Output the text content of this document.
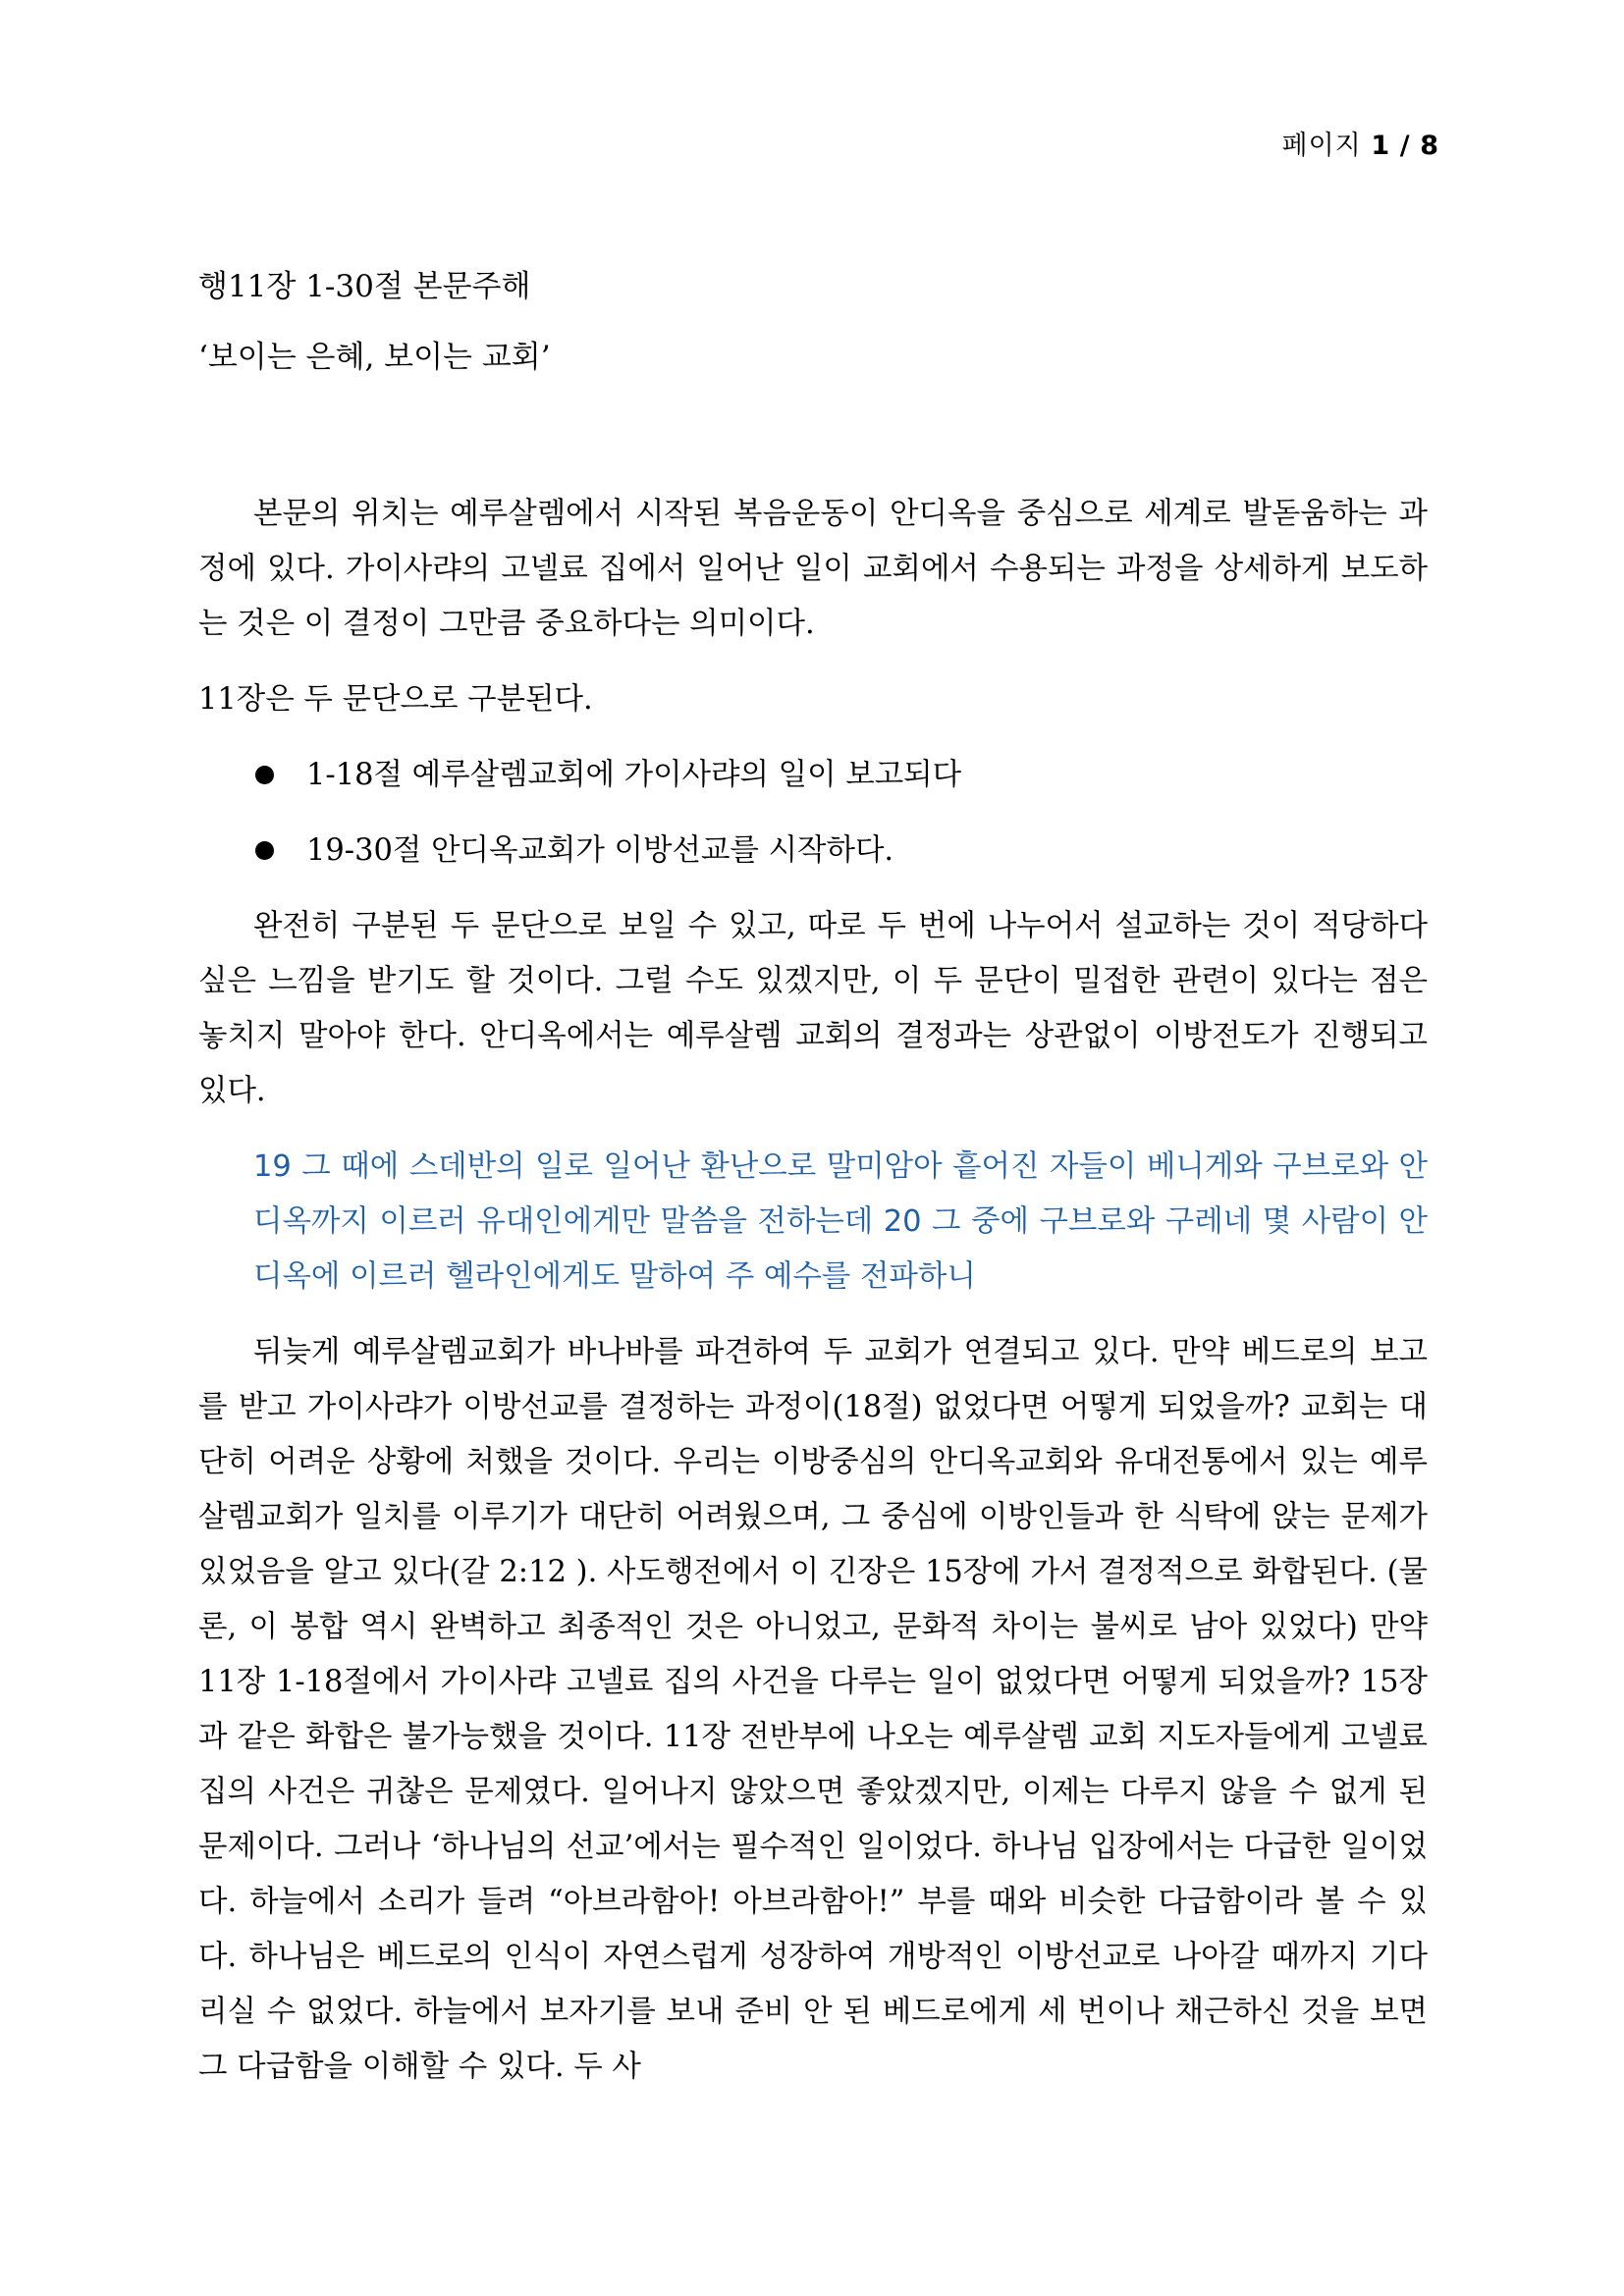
페이지 1 / 8
행11장 1-30절 본문주해
‘보이는 은혜, 보이는 교회’

본문의 위치는 예루살렘에서 시작된 복음운동이 안디옥을 중심으로 세계로 발돋움하는 과정에 있다. 가이사랴의 고넬료 집에서 일어난 일이 교회에서 수용되는 과정을 상세하게 보도하는 것은 이 결정이 그만큼 중요하다는 의미이다.

11장은 두 문단으로 구분된다.

1-18절 예루살렘교회에 가이사랴의 일이 보고되다
19-30절 안디옥교회가 이방선교를 시작하다.

완전히 구분된 두 문단으로 보일 수 있고, 따로 두 번에 나누어서 설교하는 것이 적당하다 싶은 느낌을 받기도 할 것이다. 그럴 수도 있겠지만, 이 두 문단이 밀접한 관련이 있다는 점은 놓치지 말아야 한다. 안디옥에서는 예루살렘 교회의 결정과는 상관없이 이방전도가 진행되고 있다.

19 그 때에 스데반의 일로 일어난 환난으로 말미암아 흩어진 자들이 베니게와 구브로와 안디옥까지 이르러 유대인에게만 말씀을 전하는데 20 그 중에 구브로와 구레네 몇 사람이 안디옥에 이르러 헬라인에게도 말하여 주 예수를 전파하니

뒤늦게 예루살렘교회가 바나바를 파견하여 두 교회가 연결되고 있다. 만약 베드로의 보고를 받고 가이사랴가 이방선교를 결정하는 과정이(18절) 없었다면 어떻게 되었을까? 교회는 대단히 어려운 상황에 처했을 것이다. 우리는 이방중심의 안디옥교회와 유대전통에서 있는 예루살렘교회가 일치를 이루기가 대단히 어려웠으며, 그 중심에 이방인들과 한 식탁에 앉는 문제가 있었음을 알고 있다(갈 2:12 ). 사도행전에서 이 긴장은 15장에 가서 결정적으로 화합된다. (물론, 이 봉합 역시 완벽하고 최종적인 것은 아니었고, 문화적 차이는 불씨로 남아 있었다) 만약 11장 1-18절에서 가이사랴 고넬료 집의 사건을 다루는 일이 없었다면 어떻게 되었을까? 15장과 같은 화합은 불가능했을 것이다. 11장 전반부에 나오는 예루살렘 교회 지도자들에게 고넬료 집의 사건은 귀찮은 문제였다. 일어나지 않았으면 좋았겠지만, 이제는 다루지 않을 수 없게 된 문제이다. 그러나 ‘하나님의 선교’에서는 필수적인 일이었다. 하나님 입장에서는 다급한 일이었다. 하늘에서 소리가 들려 “아브라함아! 아브라함아!” 부를 때와 비슷한 다급함이라 볼 수 있다. 하나님은 베드로의 인식이 자연스럽게 성장하여 개방적인 이방선교로 나아갈 때까지 기다리실 수 없었다. 하늘에서 보자기를 보내 준비 안 된 베드로에게 세 번이나 채근하신 것을 보면 그 다급함을 이해할 수 있다. 두 사
